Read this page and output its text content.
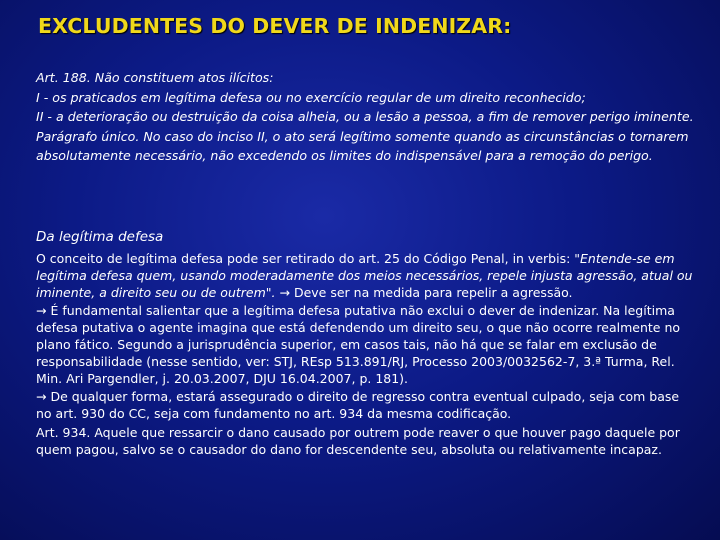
EXCLUDENTES DO DEVER DE INDENIZAR:
Art. 188. Não constituem atos ilícitos:
I - os praticados em legítima defesa ou no exercício regular de um direito reconhecido;
II - a deterioração ou destruição da coisa alheia, ou a lesão a pessoa, a fim de remover perigo iminente.
Parágrafo único. No caso do inciso II, o ato será legítimo somente quando as circunstâncias o tornarem absolutamente necessário, não excedendo os limites do indispensável para a remoção do perigo.
Da legítima defesa

O conceito de legítima defesa pode ser retirado do art. 25 do Código Penal, in verbis: "Entende-se em legítima defesa quem, usando moderadamente dos meios necessários, repele injusta agressão, atual ou iminente, a direito seu ou de outrem". → Deve ser na medida para repelir a agressão.

→ É fundamental salientar que a legítima defesa putativa não exclui o dever de indenizar. Na legítima defesa putativa o agente imagina que está defendendo um direito seu, o que não ocorre realmente no plano fático. Segundo a jurisprudência superior, em casos tais, não há que se falar em exclusão de responsabilidade (nesse sentido, ver: STJ, REsp 513.891/RJ, Processo 2003/0032562-7, 3.ª Turma, Rel. Min. Ari Pargendler, j. 20.03.2007, DJU 16.04.2007, p. 181).

→ De qualquer forma, estará assegurado o direito de regresso contra eventual culpado, seja com base no art. 930 do CC, seja com fundamento no art. 934 da mesma codificação.

Art. 934. Aquele que ressarcir o dano causado por outrem pode reaver o que houver pago daquele por quem pagou, salvo se o causador do dano for descendente seu, absoluta ou relativamente incapaz.
